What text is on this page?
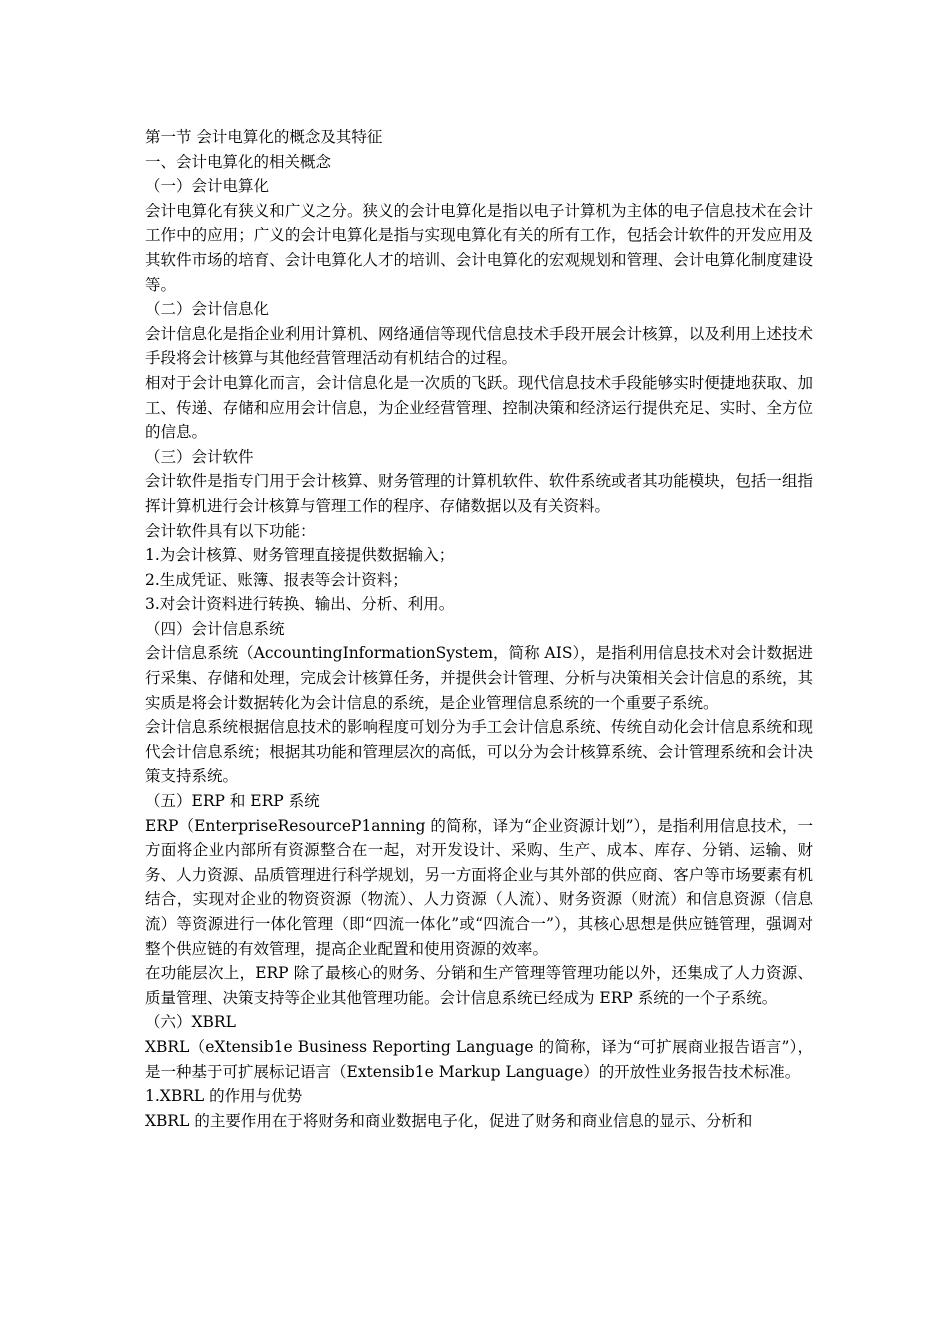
第一节 会计电算化的概念及其特征

一、会计电算化的相关概念

（一）会计电算化

会计电算化有狭义和广义之分。狭义的会计电算化是指以电子计算机为主体的电子信息技术在会计工作中的应用；广义的会计电算化是指与实现电算化有关的所有工作，包括会计软件的开发应用及其软件市场的培育、会计电算化人才的培训、会计电算化的宏观规划和管理、会计电算化制度建设等。

（二）会计信息化

会计信息化是指企业利用计算机、网络通信等现代信息技术手段开展会计核算，以及利用上述技术手段将会计核算与其他经营管理活动有机结合的过程。

相对于会计电算化而言，会计信息化是一次质的飞跃。现代信息技术手段能够实时便捷地获取、加工、传递、存储和应用会计信息，为企业经营管理、控制决策和经济运行提供充足、实时、全方位的信息。

（三）会计软件

会计软件是指专门用于会计核算、财务管理的计算机软件、软件系统或者其功能模块，包括一组指挥计算机进行会计核算与管理工作的程序、存储数据以及有关资料。

会计软件具有以下功能：

1.为会计核算、财务管理直接提供数据输入；

2.生成凭证、账簿、报表等会计资料；

3.对会计资料进行转换、输出、分析、利用。

（四）会计信息系统

会计信息系统（AccountingInformationSystem，简称 AIS），是指利用信息技术对会计数据进行采集、存储和处理，完成会计核算任务，并提供会计管理、分析与决策相关会计信息的系统，其实质是将会计数据转化为会计信息的系统，是企业管理信息系统的一个重要子系统。

会计信息系统根据信息技术的影响程度可划分为手工会计信息系统、传统自动化会计信息系统和现代会计信息系统；根据其功能和管理层次的高低，可以分为会计核算系统、会计管理系统和会计决策支持系统。

（五）ERP 和 ERP 系统

ERP（EnterpriseResourceP1anning 的简称，译为“企业资源计划”），是指利用信息技术，一方面将企业内部所有资源整合在一起，对开发设计、采购、生产、成本、库存、分销、运输、财务、人力资源、品质管理进行科学规划，另一方面将企业与其外部的供应商、客户等市场要素有机结合，实现对企业的物资资源（物流）、人力资源（人流）、财务资源（财流）和信息资源（信息流）等资源进行一体化管理（即“四流一体化”或“四流合一”），其核心思想是供应链管理，强调对整个供应链的有效管理，提高企业配置和使用资源的效率。

在功能层次上，ERP 除了最核心的财务、分销和生产管理等管理功能以外，还集成了人力资源、质量管理、决策支持等企业其他管理功能。会计信息系统已经成为 ERP 系统的一个子系统。

（六）XBRL

XBRL（eXtensib1e Business Reporting Language 的简称，译为“可扩展商业报告语言”），是一种基于可扩展标记语言（Extensib1e Markup Language）的开放性业务报告技术标准。

1.XBRL 的作用与优势

XBRL 的主要作用在于将财务和商业数据电子化，促进了财务和商业信息的显示、分析和
